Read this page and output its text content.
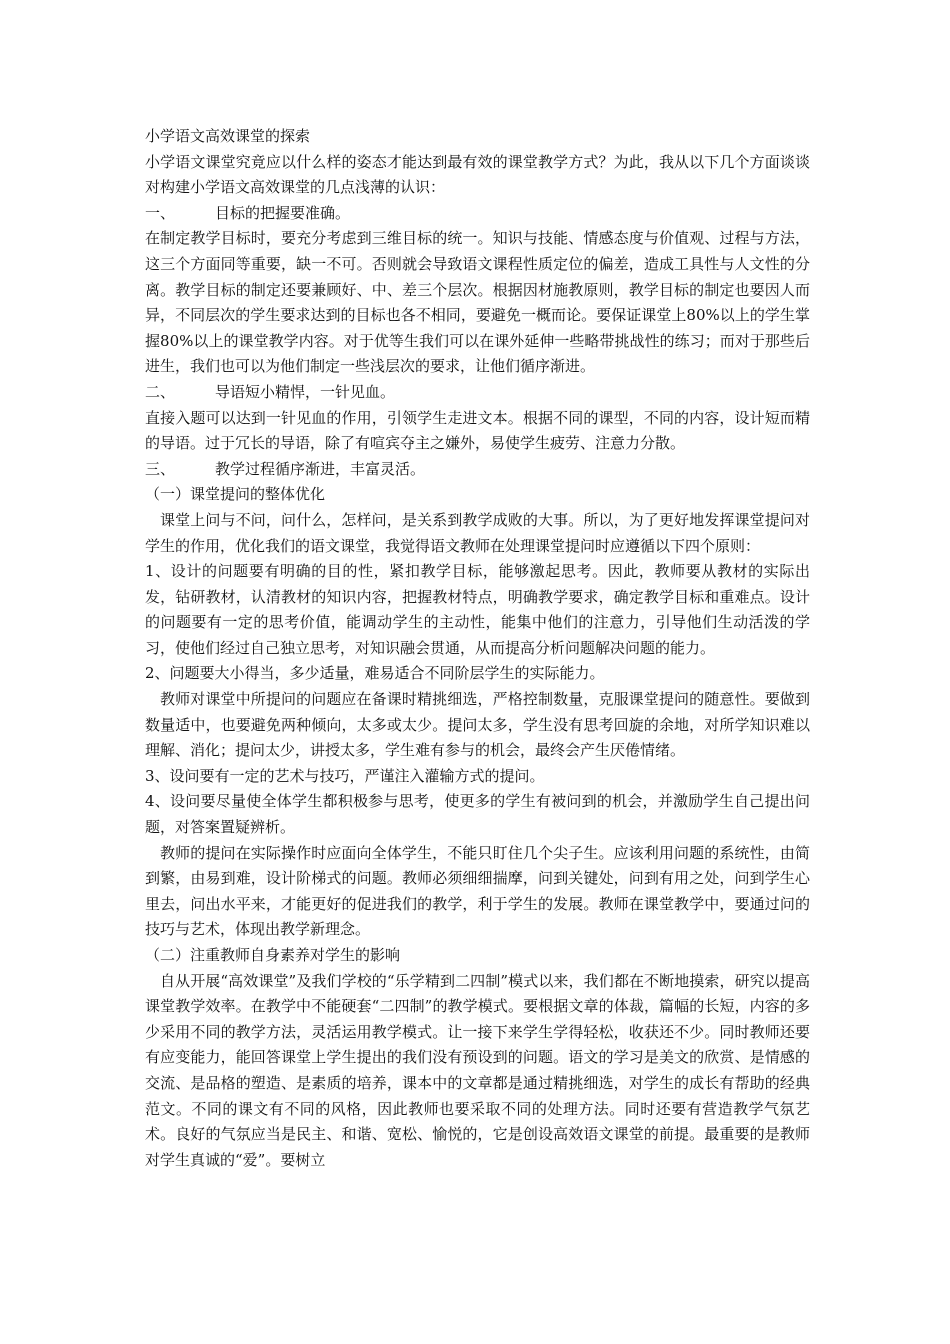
小学语文高效课堂的探索

小学语文课堂究竟应以什么样的姿态才能达到最有效的课堂教学方式？为此，我从以下几个方面谈谈对构建小学语文高效课堂的几点浅薄的认识：

一、	目标的把握要准确。

在制定教学目标时，要充分考虑到三维目标的统一。知识与技能、情感态度与价值观、过程与方法，这三个方面同等重要，缺一不可。否则就会导致语文课程性质定位的偏差，造成工具性与人文性的分离。教学目标的制定还要兼顾好、中、差三个层次。根据因材施教原则，教学目标的制定也要因人而异，不同层次的学生要求达到的目标也各不相同，要避免一概而论。要保证课堂上80%以上的学生掌握80%以上的课堂教学内容。对于优等生我们可以在课外延伸一些略带挑战性的练习；而对于那些后进生，我们也可以为他们制定一些浅层次的要求，让他们循序渐进。

二、	导语短小精悍，一针见血。

直接入题可以达到一针见血的作用，引领学生走进文本。根据不同的课型，不同的内容，设计短而精的导语。过于冗长的导语，除了有喧宾夺主之嫌外，易使学生疲劳、注意力分散。

三、	教学过程循序渐进，丰富灵活。

（一）课堂提问的整体优化

课堂上问与不问，问什么，怎样问，是关系到教学成败的大事。所以，为了更好地发挥课堂提问对学生的作用，优化我们的语文课堂，我觉得语文教师在处理课堂提问时应遵循以下四个原则：

1、设计的问题要有明确的目的性，紧扣教学目标，能够激起思考。因此，教师要从教材的实际出发，钻研教材，认清教材的知识内容，把握教材特点，明确教学要求，确定教学目标和重难点。设计的问题要有一定的思考价值，能调动学生的主动性，能集中他们的注意力，引导他们生动活泼的学习，使他们经过自己独立思考，对知识融会贯通，从而提高分析问题解决问题的能力。

2、问题要大小得当，多少适量，难易适合不同阶层学生的实际能力。

教师对课堂中所提问的问题应在备课时精挑细选，严格控制数量，克服课堂提问的随意性。要做到数量适中，也要避免两种倾向，太多或太少。提问太多，学生没有思考回旋的余地，对所学知识难以理解、消化；提问太少，讲授太多，学生难有参与的机会，最终会产生厌倦情绪。

3、设问要有一定的艺术与技巧，严谨注入灌输方式的提问。

4、设问要尽量使全体学生都积极参与思考，使更多的学生有被问到的机会，并激励学生自己提出问题，对答案置疑辨析。

教师的提问在实际操作时应面向全体学生，不能只盯住几个尖子生。应该利用问题的系统性，由简到繁，由易到难，设计阶梯式的问题。教师必须细细揣摩，问到关键处，问到有用之处，问到学生心里去，问出水平来，才能更好的促进我们的教学，利于学生的发展。教师在课堂教学中，要通过问的技巧与艺术，体现出教学新理念。

（二）注重教师自身素养对学生的影响

自从开展“高效课堂”及我们学校的“乐学精到二四制”模式以来，我们都在不断地摸索，研究以提高课堂教学效率。在教学中不能硬套“二四制”的教学模式。要根据文章的体裁，篇幅的长短，内容的多少采用不同的教学方法，灵活运用教学模式。让一接下来学生学得轻松，收获还不少。同时教师还要有应变能力，能回答课堂上学生提出的我们没有预设到的问题。语文的学习是美文的欣赏、是情感的交流、是品格的塑造、是素质的培养，课本中的文章都是通过精挑细选，对学生的成长有帮助的经典范文。不同的课文有不同的风格，因此教师也要采取不同的处理方法。同时还要有营造教学气氛艺术。良好的气氛应当是民主、和谐、宽松、愉悦的，它是创设高效语文课堂的前提。最重要的是教师对学生真诚的“爱”。要树立
